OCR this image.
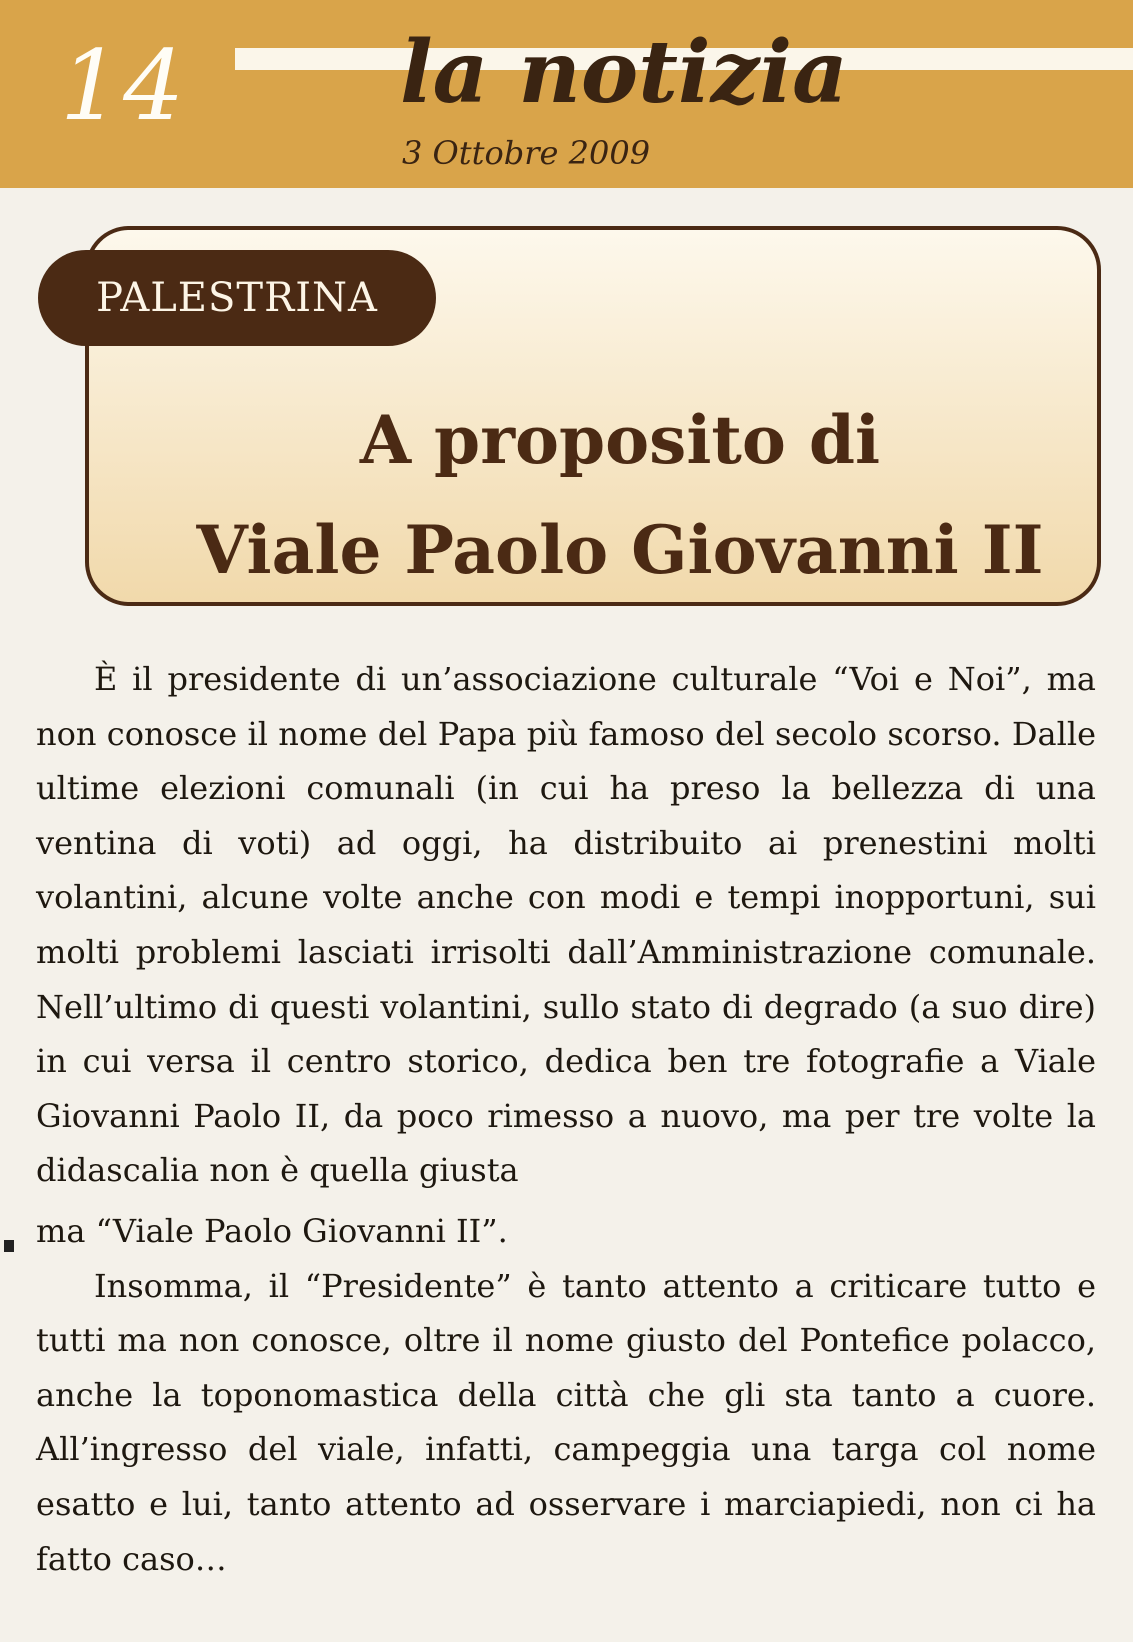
14 la notizia
3 Ottobre 2009
PALESTRINA
A proposito di
Viale Paolo Giovanni II

È il presidente di un’associazione culturale “Voi e Noi”, ma non conosce il nome del Papa più famoso del secolo scorso. Dalle ultime elezioni comunali (in cui ha preso la bellezza di una ventina di voti) ad oggi, ha distribuito ai prenestini molti volantini, alcune volte anche con modi e tempi inopportuni, sui molti problemi lasciati irrisolti dall’Amministrazione comunale. Nell’ultimo di questi volantini, sullo stato di degrado (a suo dire) in cui versa il centro storico, dedica ben tre fotografie a Viale Giovanni Paolo II, da poco rimesso a nuovo, ma per tre volte la didascalia non è quella giusta

ma “Viale Paolo Giovanni II”.

Insomma, il “Presidente” è tanto attento a criticare tutto e tutti ma non conosce, oltre il nome giusto del Pontefice polacco, anche la toponomastica della città che gli sta tanto a cuore. All’ingresso del viale, infatti, campeggia una targa col nome esatto e lui, tanto attento ad osservare i marciapiedi, non ci ha fatto caso…
